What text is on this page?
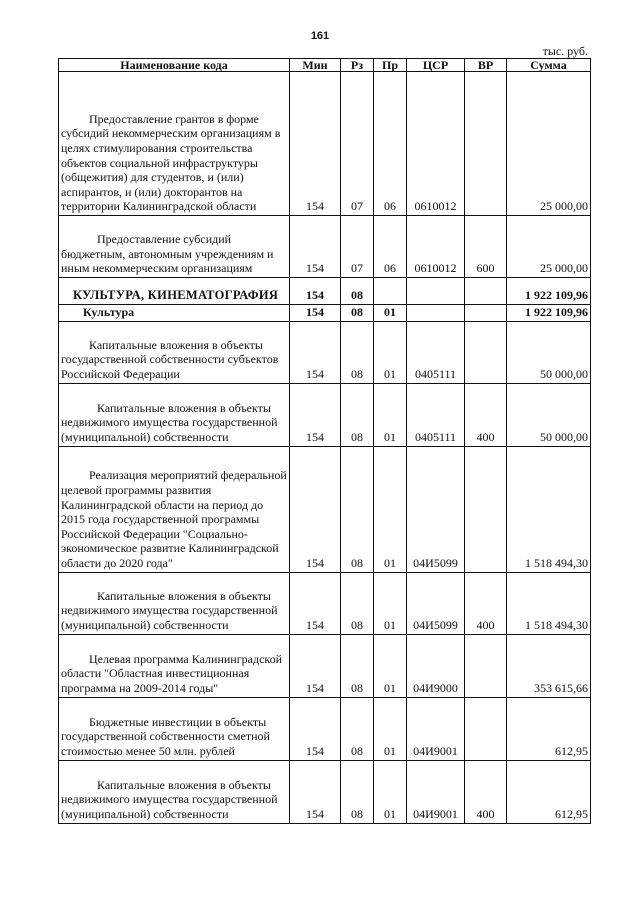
161
тыс. руб.
Наименование кода	Мин	Рз	Пр	ЦСР	ВР	Сумма
Предоставление грантов в форме субсидий некоммерческим организациям в целях стимулирования строительства объектов социальной инфраструктуры (общежития) для студентов, и (или) аспирантов, и (или) докторантов на территории Калининградской области	154	07	06	0610012		25 000,00
Предоставление субсидий бюджетным, автономным учреждениям и иным некоммерческим организациям	154	07	06	0610012	600	25 000,00
КУЛЬТУРА, КИНЕМАТОГРАФИЯ	154	08				1 922 109,96
Культура	154	08	01			1 922 109,96
Капитальные вложения в объекты государственной собственности субъектов Российской Федерации	154	08	01	0405111		50 000,00
Капитальные вложения в объекты недвижимого имущества государственной (муниципальной) собственности	154	08	01	0405111	400	50 000,00
Реализация мероприятий федеральной целевой программы развития Калининградской области на период до 2015 года государственной программы Российской Федерации "Социально-экономическое развитие Калининградской области до 2020 года"	154	08	01	04И5099		1 518 494,30
Капитальные вложения в объекты недвижимого имущества государственной (муниципальной) собственности	154	08	01	04И5099	400	1 518 494,30
Целевая программа Калининградской области "Областная инвестиционная программа на 2009-2014 годы"	154	08	01	04И9000		353 615,66
Бюджетные инвестиции в объекты государственной собственности сметной стоимостью менее 50 млн. рублей	154	08	01	04И9001		612,95
Капитальные вложения в объекты недвижимого имущества государственной (муниципальной) собственности	154	08	01	04И9001	400	612,95
